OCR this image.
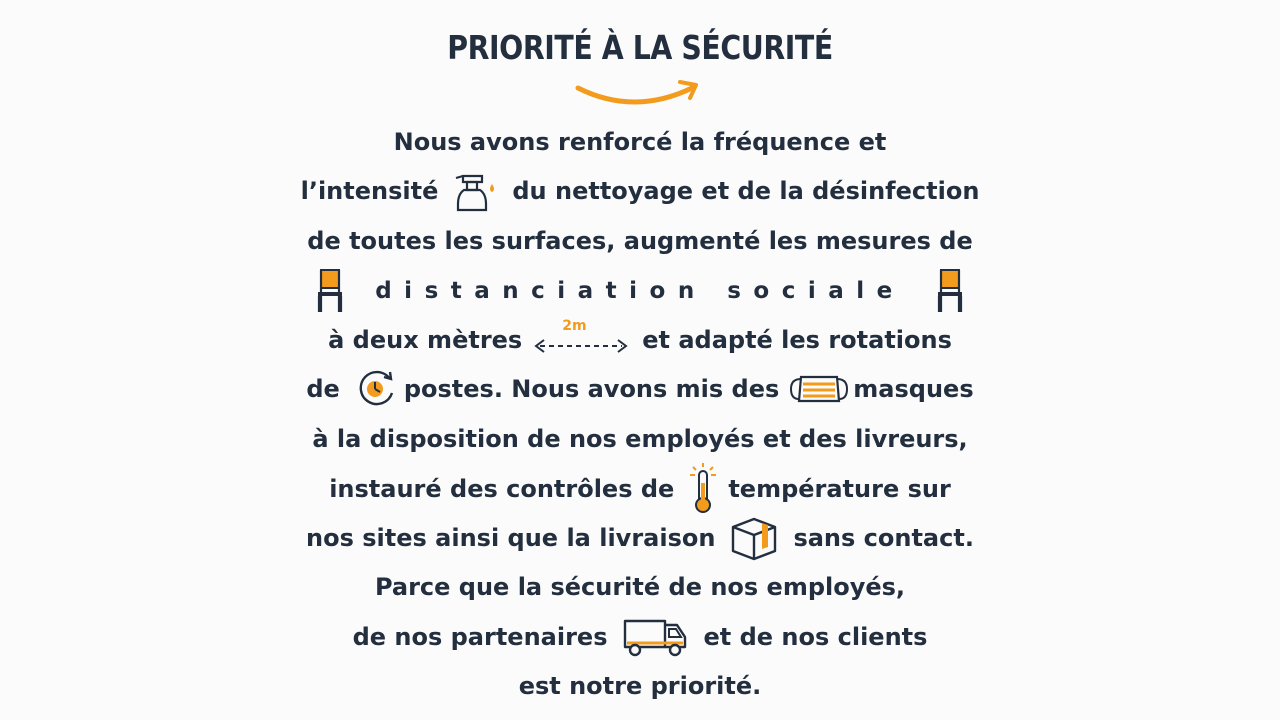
PRIORITÉ À LA SÉCURITÉ
Nous avons renforcé la fréquence et
l’intensité	du nettoyage et de la désinfection
de toutes les surfaces, augmenté les mesures de
distanciation sociale
à deux mètres	2m et adapté les rotations
de	postes. Nous avons mis des	masques
à la disposition de nos employés et des livreurs,
instauré des contrôles de température sur
nos sites ainsi que la livraison	sans contact.
Parce que la sécurité de nos employés,
de nos partenaires	et de nos clients
est notre priorité.
